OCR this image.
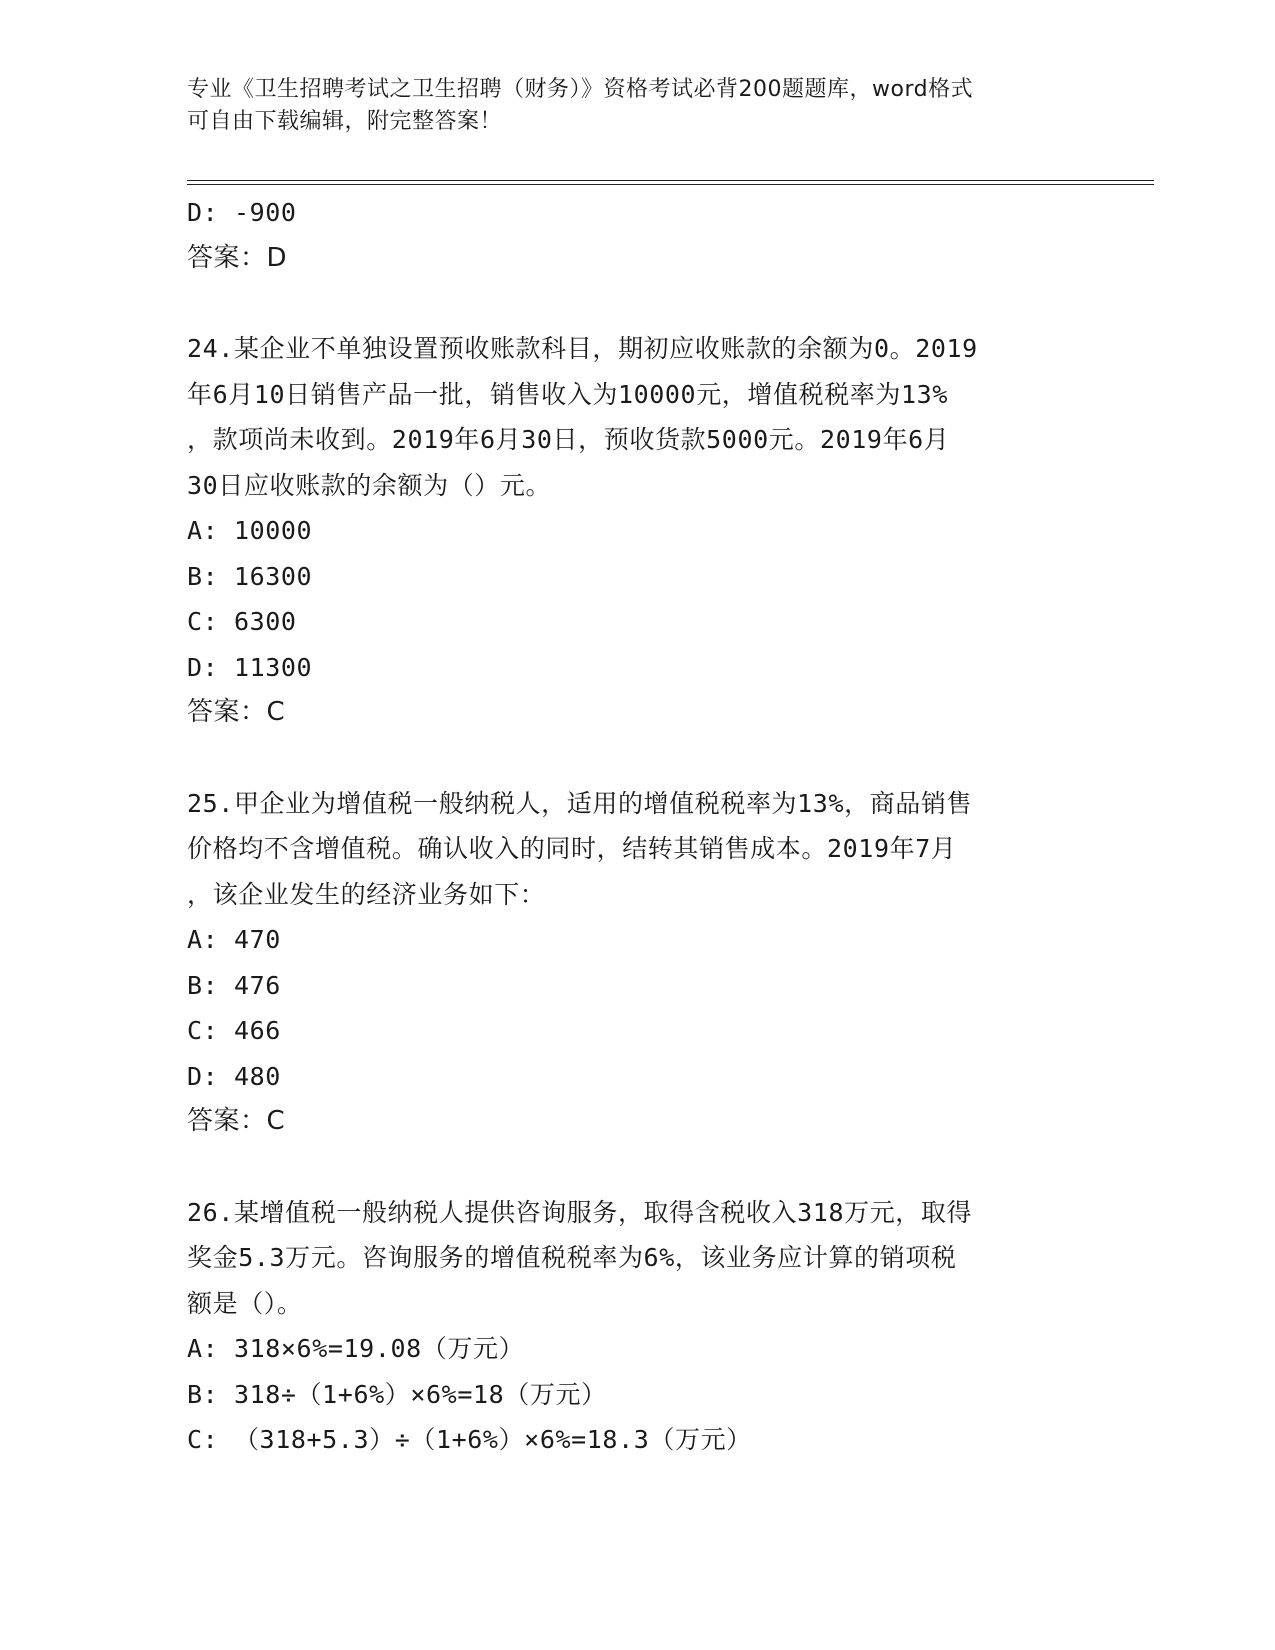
专业《卫生招聘考试之卫生招聘（财务）》资格考试必背200题题库，word格式
可自由下载编辑，附完整答案！
D: -900
答案：D
24.某企业不单独设置预收账款科目，期初应收账款的余额为0。2019
年6月10日销售产品一批，销售收入为10000元，增值税税率为13%
，款项尚未收到。2019年6月30日，预收货款5000元。2019年6月
30日应收账款的余额为（）元。
A: 10000
B: 16300
C: 6300
D: 11300
答案：C
25.甲企业为增值税一般纳税人，适用的增值税税率为13%，商品销售
价格均不含增值税。确认收入的同时，结转其销售成本。2019年7月
，该企业发生的经济业务如下：
A: 470
B: 476
C: 466
D: 480
答案：C
26.某增值税一般纳税人提供咨询服务，取得含税收入318万元，取得
奖金5.3万元。咨询服务的增值税税率为6%，该业务应计算的销项税
额是（）。
A: 318×6%=19.08（万元）
B: 318÷（1+6%）×6%=18（万元）
C: （318+5.3）÷（1+6%）×6%=18.3（万元）
